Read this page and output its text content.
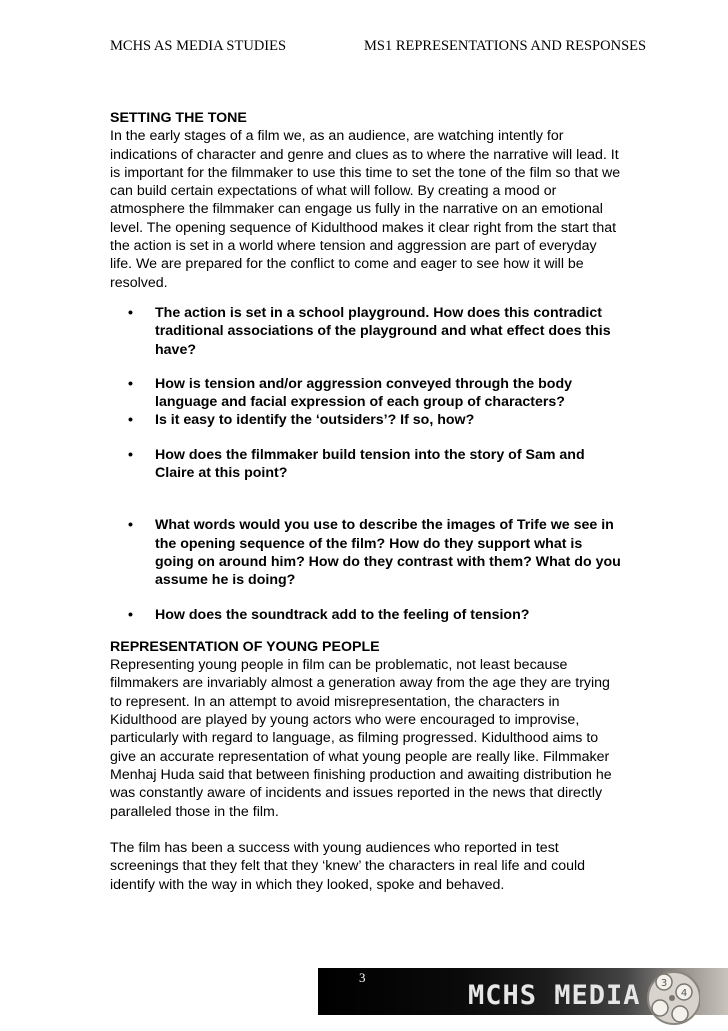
MCHS AS MEDIA STUDIES	MS1 REPRESENTATIONS AND RESPONSES

SETTING THE TONE

In the early stages of a film we, as an audience, are watching intently for indications of character and genre and clues as to where the narrative will lead. It is important for the filmmaker to use this time to set the tone of the film so that we can build certain expectations of what will follow. By creating a mood or atmosphere the filmmaker can engage us fully in the narrative on an emotional level. The opening sequence of Kidulthood makes it clear right from the start that the action is set in a world where tension and aggression are part of everyday life. We are prepared for the conflict to come and eager to see how it will be resolved.

• The action is set in a school playground. How does this contradict traditional associations of the playground and what effect does this have?
• How is tension and/or aggression conveyed through the body language and facial expression of each group of characters?
• Is it easy to identify the ‘outsiders’? If so, how?
• How does the filmmaker build tension into the story of Sam and Claire at this point?
• What words would you use to describe the images of Trife we see in the opening sequence of the film? How do they support what is going on around him? How do they contrast with them? What do you assume he is doing?
• How does the soundtrack add to the feeling of tension?

REPRESENTATION OF YOUNG PEOPLE

Representing young people in film can be problematic, not least because filmmakers are invariably almost a generation away from the age they are trying to represent. In an attempt to avoid misrepresentation, the characters in Kidulthood are played by young actors who were encouraged to improvise, particularly with regard to language, as filming progressed. Kidulthood aims to give an accurate representation of what young people are really like. Filmmaker Menhaj Huda said that between finishing production and awaiting distribution he was constantly aware of incidents and issues reported in the news that directly paralleled those in the film.

The film has been a success with young audiences who reported in test screenings that they felt that they ‘knew’ the characters in real life and could identify with the way in which they looked, spoke and behaved.

3
MCHS MEDIA 3
4
